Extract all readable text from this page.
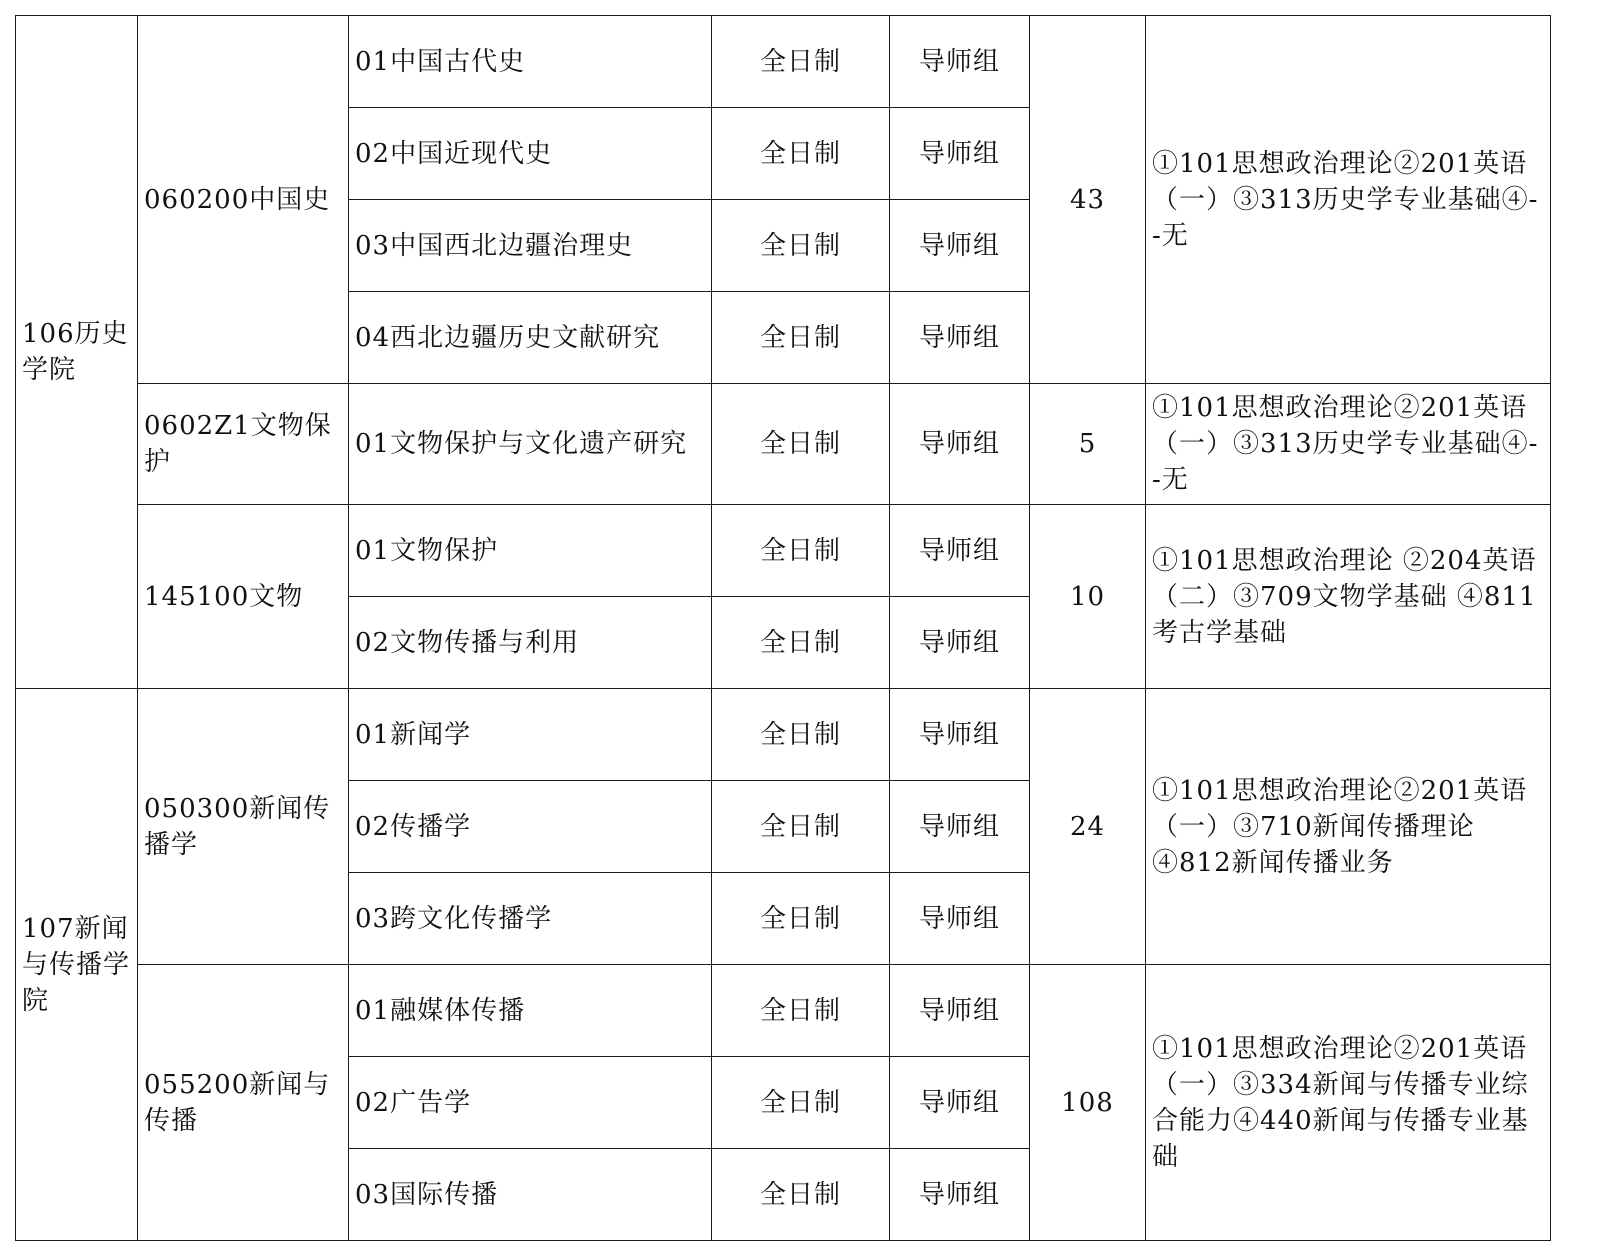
106历史学院	060200中国史	01中国古代史	全日制	导师组	43	①101思想政治理论②201英语（一）③313历史学专业基础④--无
		02中国近现代史	全日制	导师组		
		03中国西北边疆治理史	全日制	导师组		
		04西北边疆历史文献研究	全日制	导师组		
	0602Z1文物保护	01文物保护与文化遗产研究	全日制	导师组	5	①101思想政治理论②201英语（一）③313历史学专业基础④--无
	145100文物	01文物保护	全日制	导师组	10	①101思想政治理论 ②204英语（二）③709文物学基础 ④811考古学基础
		02文物传播与利用	全日制	导师组		
107新闻与传播学院	050300新闻传播学	01新闻学	全日制	导师组	24	①101思想政治理论②201英语（一）③710新闻传播理论④812新闻传播业务
		02传播学	全日制	导师组		
		03跨文化传播学	全日制	导师组		
	055200新闻与传播	01融媒体传播	全日制	导师组	108	①101思想政治理论②201英语（一）③334新闻与传播专业综合能力④440新闻与传播专业基础
		02广告学	全日制	导师组		
		03国际传播	全日制	导师组		
